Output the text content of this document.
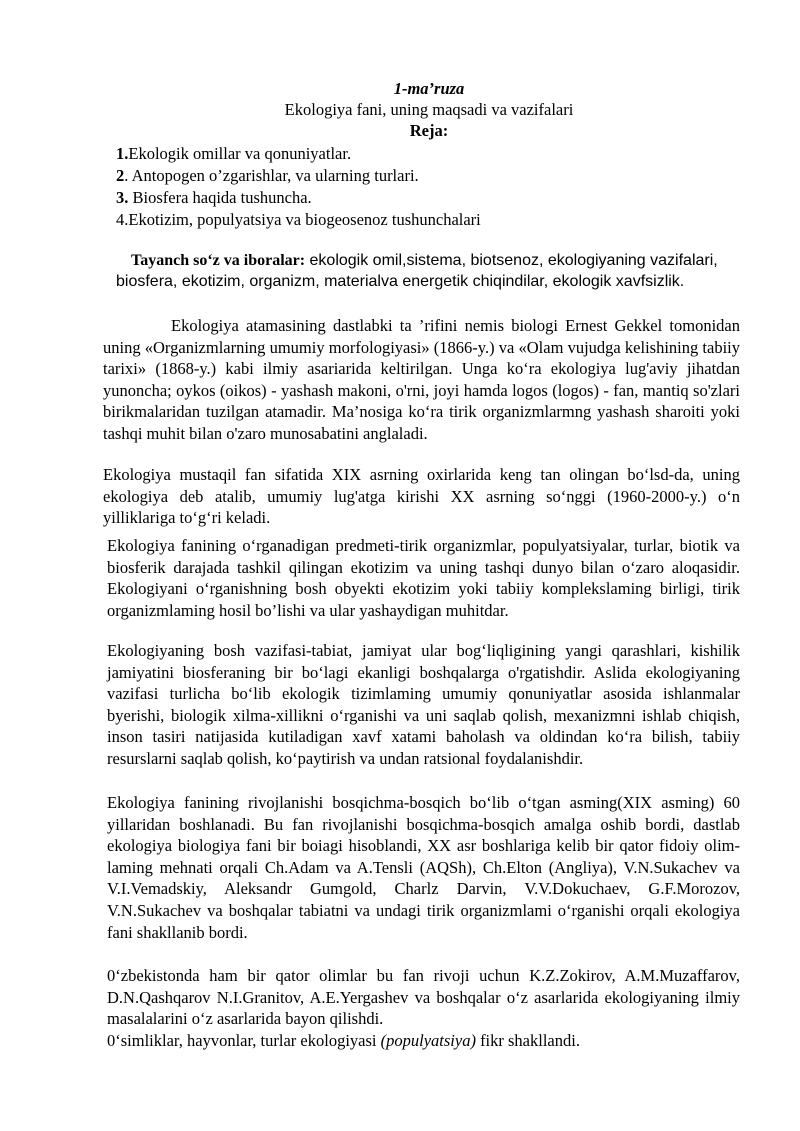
1-ma’ruza
Ekologiya fani, uning maqsadi va vazifalari
Reja:
1.Ekologik omillar va qonuniyatlar.
2. Antopogen o’zgarishlar, va ularning turlari.
3. Biosfera haqida tushuncha.
4.Ekotizim, populyatsiya va biogeosenoz tushunchalari
Tayanch so‘z va iboralar: ekologik omil,sistema, biotsenoz, ekologiyaning vazifalari, biosfera, ekotizim, organizm, materialva energetik chiqindilar, ekologik xavfsizlik.
Ekologiya atamasining dastlabki ta ’rifini nemis biologi Ernest Gekkel tomonidan uning «Organizmlarning umumiy morfologiyasi» (1866-y.) va «Olam vujudga kelishining tabiiy tarixi» (1868-y.) kabi ilmiy asariarida keltirilgan. Unga ko‘ra ekologiya lug'aviy jihatdan yunoncha; oykos (oikos) - yashash makoni, o'rni, joyi hamda logos (logos) - fan, mantiq so'zlari birikmalaridan tuzilgan atamadir. Ma’nosiga ko‘ra tirik organizmlarmng yashash sharoiti yoki tashqi muhit bilan o'zaro munosabatini anglaladi.
Ekologiya mustaqil fan sifatida XIX asrning oxirlarida keng tan olingan bo‘lsd-da, uning ekologiya deb atalib, umumiy lug'atga kirishi XX asrning so‘nggi (1960-2000-y.) o‘n yilliklariga to‘g‘ri keladi.
Ekologiya fanining o‘rganadigan predmeti-tirik organizmlar, populyatsiyalar, turlar, biotik va biosferik darajada tashkil qilingan ekotizim va uning tashqi dunyo bilan o‘zaro aloqasidir. Ekologiyani o‘rganishning bosh obyekti ekotizim yoki tabiiy komplekslaming birligi, tirik organizmlaming hosil bo’lishi va ular yashaydigan muhitdar.
Ekologiyaning bosh vazifasi-tabiat, jamiyat ular bog‘liqligining yangi qarashlari, kishilik jamiyatini biosferaning bir bo‘lagi ekanligi boshqalarga o'rgatishdir. Aslida ekologiyaning vazifasi turlicha bo‘lib ekologik tizimlaming umumiy qonuniyatlar asosida ishlanmalar byerishi, biologik xilma-xillikni o‘rganishi va uni saqlab qolish, mexanizmni ishlab chiqish, inson tasiri natijasida kutiladigan xavf xatami baholash va oldindan ko‘ra bilish, tabiiy resurslarni saqlab qolish, ko‘paytirish va undan ratsional foydalanishdir.
Ekologiya fanining rivojlanishi bosqichma-bosqich bo‘lib o‘tgan asming(XIX asming) 60 yillaridan boshlanadi. Bu fan rivojlanishi bosqichma-bosqich amalga oshib bordi, dastlab ekologiya biologiya fani bir boiagi hisoblandi, XX asr boshlariga kelib bir qator fidoiy olim- laming mehnati orqali Ch.Adam va A.Tensli (AQSh), Ch.Elton (Angliya), V.N.Sukachev va V.I.Vemadskiy, Aleksandr Gumgold, Charlz Darvin, V.V.Dokuchaev, G.F.Morozov, V.N.Sukachev va boshqalar tabiatni va undagi tirik organizmlami o‘rganishi orqali ekologiya fani shakllanib bordi.
0‘zbekistonda ham bir qator olimlar bu fan rivoji uchun K.Z.Zokirov, A.M.Muzaffarov, D.N.Qashqarov N.I.Granitov, A.E.Yergashev va boshqalar o‘z asarlarida ekologiyaning ilmiy masalalarini o‘z asarlarida bayon qilishdi.
0‘simliklar, hayvonlar, turlar ekologiyasi (populyatsiya) fikr shakllandi.
